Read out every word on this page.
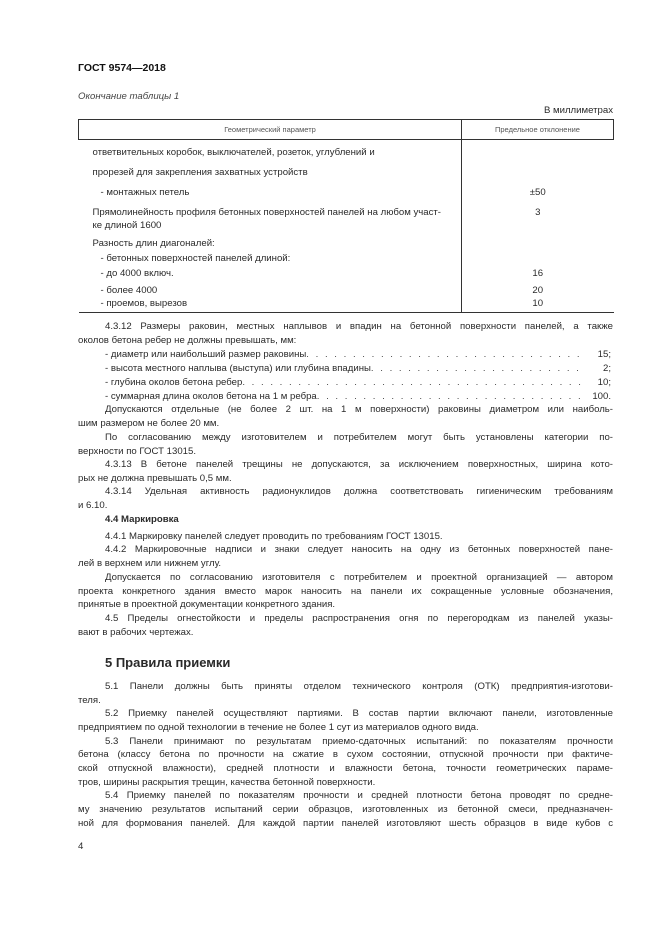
ГОСТ 9574—2018
Окончание таблицы 1
В миллиметрах
Геометрический параметр	Предельное отклонение
ответвительных коробок, выключателей, розеток, углублений и	
прорезей для закрепления захватных устройств	
- монтажных петель	±50
Прямолинейность профиля бетонных поверхностей панелей на любом участ-	3
ке длиной 1600	
Разность длин диагоналей:	
- бетонных поверхностей панелей длиной:	
- до 4000 включ.	16
- более 4000	20
- проемов, вырезов	10
4.3.12 Размеры раковин, местных наплывов и впадин на бетонной поверхности панелей, а также
околов бетона ребер не должны превышать, мм:
- диаметр или наибольший размер раковины . . .	15;
- высота местного наплыва (выступа) или глубина впадины . . .	2;
- глубина околов бетона ребер . . .	10;
- суммарная длина околов бетона на 1 м ребра . . .	100.
Допускаются отдельные (не более 2 шт. на 1 м поверхности) раковины диаметром или наиболь-
шим размером не более 20 мм.
По согласованию между изготовителем и потребителем могут быть установлены категории по-
верхности по ГОСТ 13015.
4.3.13 В бетоне панелей трещины не допускаются, за исключением поверхностных, ширина кото-
рых не должна превышать 0,5 мм.
4.3.14 Удельная активность радионуклидов должна соответствовать гигиеническим требованиям
и 6.10.
4.4 Маркировка
4.4.1 Маркировку панелей следует проводить по требованиям ГОСТ 13015.
4.4.2 Маркировочные надписи и знаки следует наносить на одну из бетонных поверхностей пане-
лей в верхнем или нижнем углу.
Допускается по согласованию изготовителя с потребителем и проектной организацией — автором
проекта конкретного здания вместо марок наносить на панели их сокращенные условные обозначения,
принятые в проектной документации конкретного здания.
4.5 Пределы огнестойкости и пределы распространения огня по перегородкам из панелей указы-
вают в рабочих чертежах.
5 Правила приемки
5.1 Панели должны быть приняты отделом технического контроля (ОТК) предприятия-изготови-
теля.
5.2 Приемку панелей осуществляют партиями. В состав партии включают панели, изготовленные
предприятием по одной технологии в течение не более 1 сут из материалов одного вида.
5.3 Панели принимают по результатам приемо-сдаточных испытаний: по показателям прочности
бетона (классу бетона по прочности на сжатие в сухом состоянии, отпускной прочности при фактиче-
ской отпускной влажности), средней плотности и влажности бетона, точности геометрических параме-
тров, ширины раскрытия трещин, качества бетонной поверхности.
5.4 Приемку панелей по показателям прочности и средней плотности бетона проводят по средне-
му значению результатов испытаний серии образцов, изготовленных из бетонной смеси, предназначен-
ной для формования панелей. Для каждой партии панелей изготовляют шесть образцов в виде кубов с
4
